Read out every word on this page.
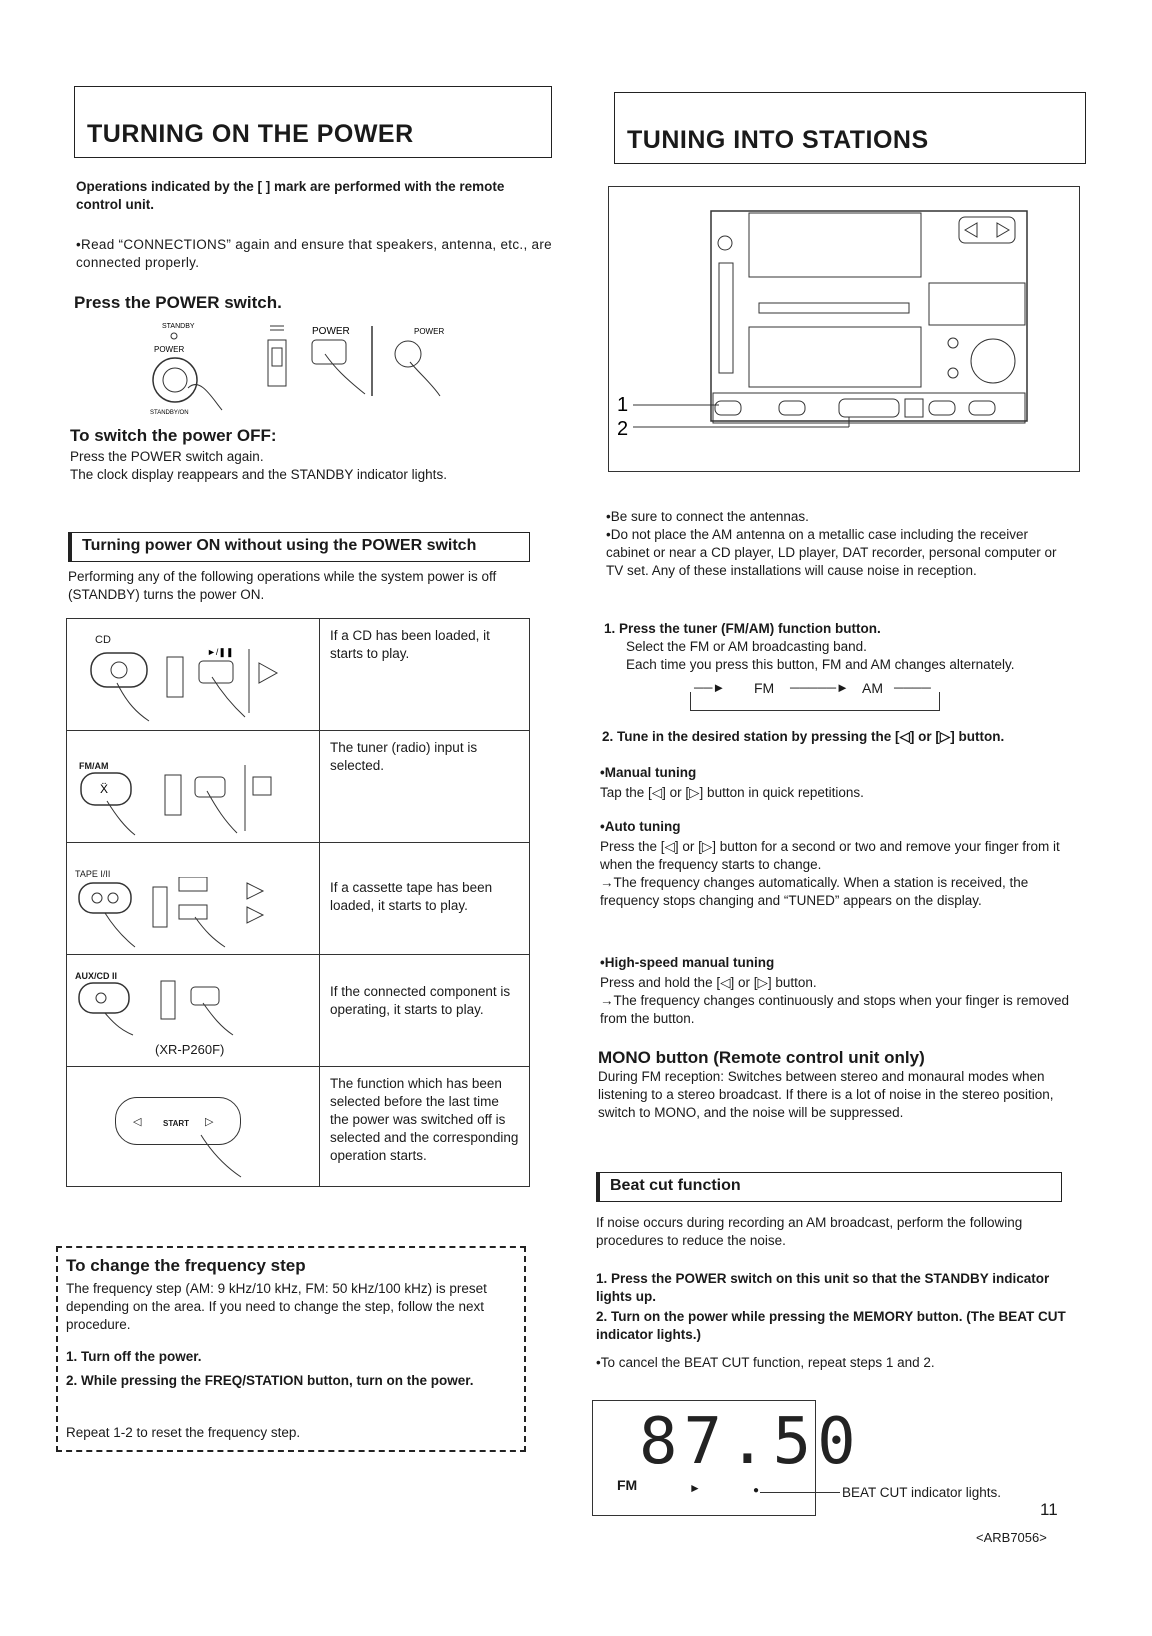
TURNING ON THE POWER
Operations indicated by the [ ] mark are performed with the remote control unit.
•Read “CONNECTIONS” again and ensure that speakers, antenna, etc., are connected properly.
Press the POWER switch.
STANDBY
POWER
STANDBY/ON
POWER	POWER
To switch the power OFF:
Press the POWER switch again.
The clock display reappears and the STANDBY indicator lights.
Turning power ON without using the POWER switch
Performing any of the following operations while the system power is off (STANDBY) turns the power ON.
CD
►/❚❚	If a CD has been loaded, it starts to play.

FM/AM
Ẍ	The tuner (radio) input is selected.

TAPE I/II	If a cassette tape has been loaded, it starts to play.

AUX/CD II
(XR-P260F)	If the connected component is operating, it starts to play.

◁ START ▷	The function which has been selected before the last time the power was switched off is selected and the corresponding operation starts.
To change the frequency step
The frequency step (AM: 9 kHz/10 kHz, FM: 50 kHz/100 kHz) is preset depending on the area. If you need to change the step, follow the next procedure.
1. Turn off the power.
2. While pressing the FREQ/STATION button, turn on the power.
Repeat 1-2 to reset the frequency step.
TUNING INTO STATIONS
1
2
•Be sure to connect the antennas.
•Do not place the AM antenna on a metallic case including the receiver cabinet or near a CD player, LD player, DAT recorder, personal computer or TV set. Any of these installations will cause noise in reception.
1. Press the tuner (FM/AM) function button.
Select the FM or AM broadcasting band.
Each time you press this button, FM and AM changes alternately.
──► FM ─────► AM ────
2. Tune in the desired station by pressing the [◁] or [▷] button.
•Manual tuning
Tap the [◁] or [▷] button in quick repetitions.
•Auto tuning
Press the [◁] or [▷] button for a second or two and remove your finger from it when the frequency starts to change.
→The frequency changes automatically. When a station is received, the frequency stops changing and “TUNED” appears on the display.
•High-speed manual tuning
Press and hold the [◁] or [▷] button.
→The frequency changes continuously and stops when your finger is removed from the button.
MONO button (Remote control unit only)
During FM reception: Switches between stereo and monaural modes when listening to a stereo broadcast. If there is a lot of noise in the stereo position, switch to MONO, and the noise will be suppressed.
Beat cut function
If noise occurs during recording an AM broadcast, perform the following procedures to reduce the noise.
1. Press the POWER switch on this unit so that the STANDBY indicator lights up.
2. Turn on the power while pressing the MEMORY button. (The BEAT CUT indicator lights.)
•To cancel the BEAT CUT function, repeat steps 1 and 2.
87.50
FM	►	●	BEAT CUT indicator lights.
11
<ARB7056>
